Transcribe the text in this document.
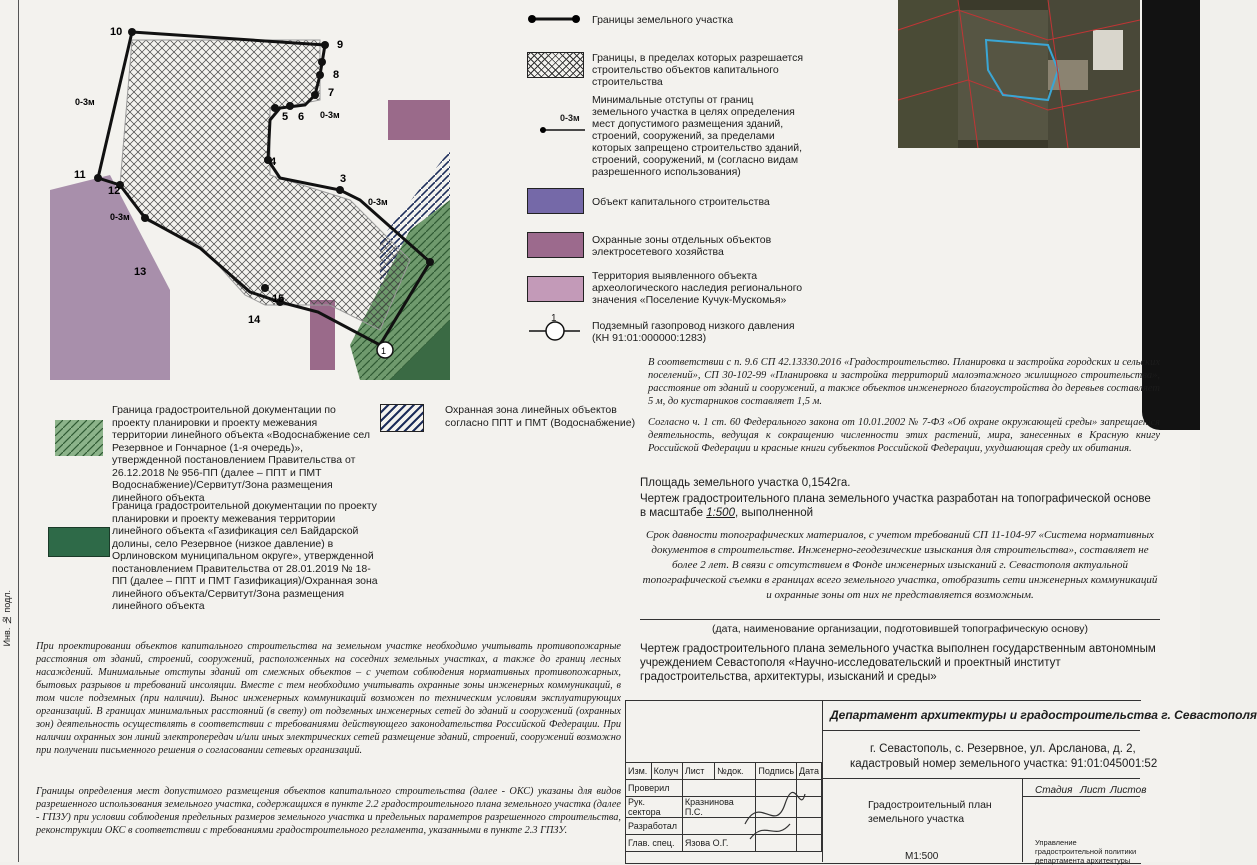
Инв. № подл.
10
9
8
7
6
5
4
3
11
12
13
14
15
0-3м
0-3м
0-3м
0-3м
1
Границы земельного участка
Границы, в пределах которых разрешается строительство объектов капитального строительства
0-3м
Минимальные отступы от границ земельного участка в целях определения мест допустимого размещения зданий, строений, сооружений, за пределами которых запрещено строительство зданий, строений, сооружений, м (согласно видам разрешенного использования)
Объект капитального строительства
Охранные зоны отдельных объектов электросетевого хозяйства
Территория выявленного объекта археологического наследия регионального значения «Поселение Кучук-Мускомья»
1
Подземный газопровод низкого давления (КН 91:01:000000:1283)
Граница градостроительной документации по проекту планировки и проекту межевания территории линейного объекта «Водоснабжение сел Резервное и Гончарное (1-я очередь)», утвержденной постановлением Правительства от 26.12.2018 № 956-ПП (далее – ППТ и ПМТ Водоснабжение)/Сервитут/Зона размещения линейного объекта
Охранная зона линейных объектов согласно ППТ и ПМТ (Водоснабжение)
Граница градостроительной документации по проекту планировки и проекту межевания территории линейного объекта «Газификация сел Байдарской долины, село Резервное (низкое давление) в Орлиновском муниципальном округе», утвержденной постановлением Правительства от 28.01.2019 № 18-ПП (далее – ППТ и ПМТ Газификация)/Охранная зона линейного объекта/Сервитут/Зона размещения линейного объекта
В соответствии с п. 9.6 СП 42.13330.2016 «Градостроительство. Планировка и застройка городских и сельских поселений», СП 30-102-99 «Планировка и застройка территорий малоэтажного жилищного строительства», расстояние от зданий и сооружений, а также объектов инженерного благоустройства до деревьев составляет 5 м, до кустарников составляет 1,5 м.
Согласно ч. 1 ст. 60 Федерального закона от 10.01.2002 № 7-ФЗ «Об охране окружающей среды» запрещается деятельность, ведущая к сокращению численности этих растений, мира, занесенных в Красную книгу Российской Федерации и красные книги субъектов Российской Федерации, ухудшающая среду их обитания.
Площадь земельного участка 0,1542га.
Чертеж градостроительного плана земельного участка разработан на топографической основе в масштабе 1:500, выполненной
Срок давности топографических материалов, с учетом требований СП 11-104-97 «Система нормативных документов в строительстве. Инженерно-геодезические изыскания для строительства», составляет не более 2 лет. В связи с отсутствием в Фонде инженерных изысканий г. Севастополя актуальной топографической съемки в границах всего земельного участка, отобразить сети инженерных коммуникаций и охранные зоны от них не представляется возможным.
(дата, наименование организации, подготовившей топографическую основу)
Чертеж градостроительного плана земельного участка выполнен государственным автономным учреждением Севастополя «Научно-исследовательский и проектный институт градостроительства, архитектуры, изысканий и среды»
При проектировании объектов капитального строительства на земельном участке необходимо учитывать противопожарные расстояния от зданий, строений, сооружений, расположенных на соседних земельных участках, а также до границ лесных насаждений. Минимальные отступы зданий от смежных объектов – с учетом соблюдения нормативных противопожарных, бытовых разрывов и требований инсоляции. Вместе с тем необходимо учитывать охранные зоны инженерных коммуникаций, в том числе подземных (при наличии). Вынос инженерных коммуникаций возможен по техническим условиям эксплуатирующих организаций. В границах минимальных расстояний (в свету) от подземных инженерных сетей до зданий и сооружений (охранных зон) деятельность осуществлять в соответствии с требованиями действующего законодательства Российской Федерации. При наличии охранных зон линий электропередач и/или иных электрических сетей размещение зданий, строений, сооружений возможно при получении письменного решения о согласовании сетевых организаций.
Границы определения мест допустимого размещения объектов капитального строительства (далее - ОКС) указаны для видов разрешенного использования земельного участка, содержащихся в пункте 2.2 градостроительного плана земельного участка (далее - ГПЗУ) при условии соблюдения предельных размеров земельного участка и предельных параметров разрешенного строительства, реконструкции ОКС в соответствии с требованиями градостроительного регламента, указанными в пункте 2.3 ГПЗУ.
Департамент архитектуры и градостроительства г. Севастополя
г. Севастополь, с. Резервное, ул. Арсланова, д. 2,
кадастровый номер земельного участка: 91:01:045001:52
Градостроительный план земельного участка
Стадия Лист Листов
М1:500
Управление градостроительной политики департамента архитектуры
Изм.	Колуч	Лист	№док.	Подпись	Дата
Проверил					
Рук. сектора		Кразнинова П.С.			
Разработал					
Глав. спец.		Язова О.Г.			
